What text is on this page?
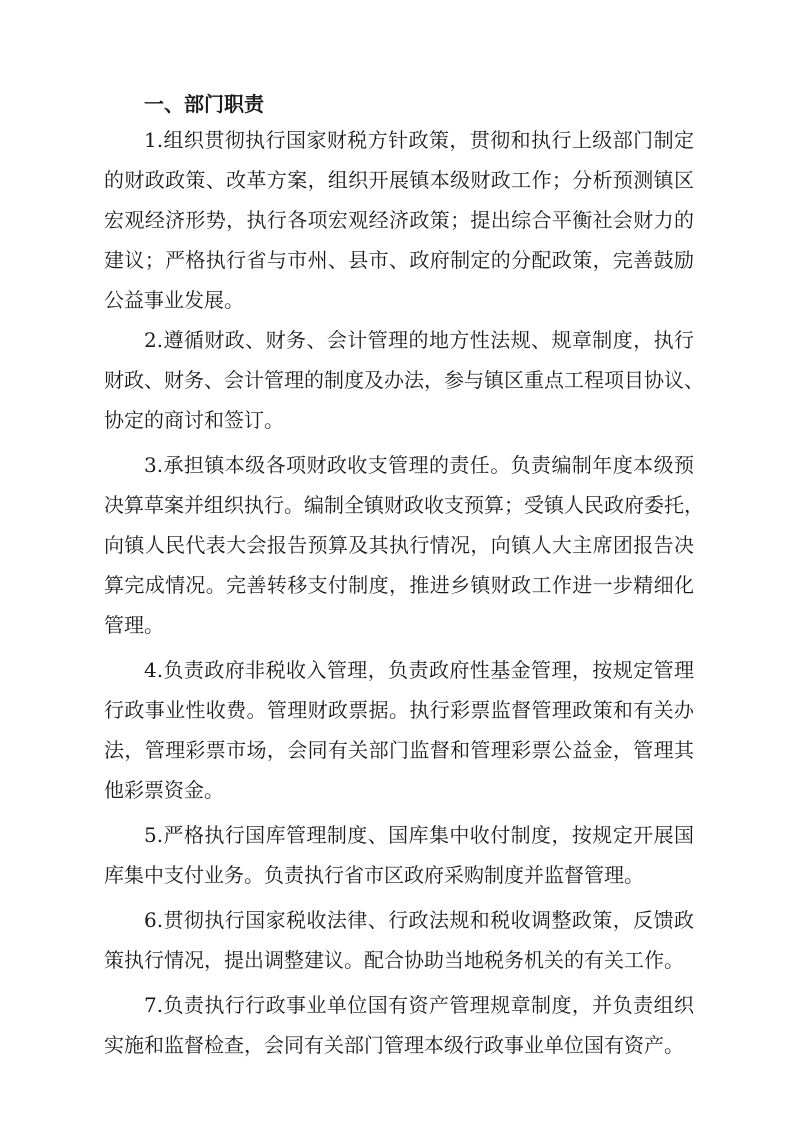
一、部门职责
1.组织贯彻执行国家财税方针政策，贯彻和执行上级部门制定
的财政政策、改革方案，组织开展镇本级财政工作；分析预测镇区
宏观经济形势，执行各项宏观经济政策；提出综合平衡社会财力的
建议；严格执行省与市州、县市、政府制定的分配政策，完善鼓励
公益事业发展。
2.遵循财政、财务、会计管理的地方性法规、规章制度，执行
财政、财务、会计管理的制度及办法，参与镇区重点工程项目协议、
协定的商讨和签订。
3.承担镇本级各项财政收支管理的责任。负责编制年度本级预
决算草案并组织执行。编制全镇财政收支预算；受镇人民政府委托，
向镇人民代表大会报告预算及其执行情况，向镇人大主席团报告决
算完成情况。完善转移支付制度，推进乡镇财政工作进一步精细化
管理。
4.负责政府非税收入管理，负责政府性基金管理，按规定管理
行政事业性收费。管理财政票据。执行彩票监督管理政策和有关办
法，管理彩票市场，会同有关部门监督和管理彩票公益金，管理其
他彩票资金。
5.严格执行国库管理制度、国库集中收付制度，按规定开展国
库集中支付业务。负责执行省市区政府采购制度并监督管理。
6.贯彻执行国家税收法律、行政法规和税收调整政策，反馈政
策执行情况，提出调整建议。配合协助当地税务机关的有关工作。
7.负责执行行政事业单位国有资产管理规章制度，并负责组织
实施和监督检查，会同有关部门管理本级行政事业单位国有资产。
